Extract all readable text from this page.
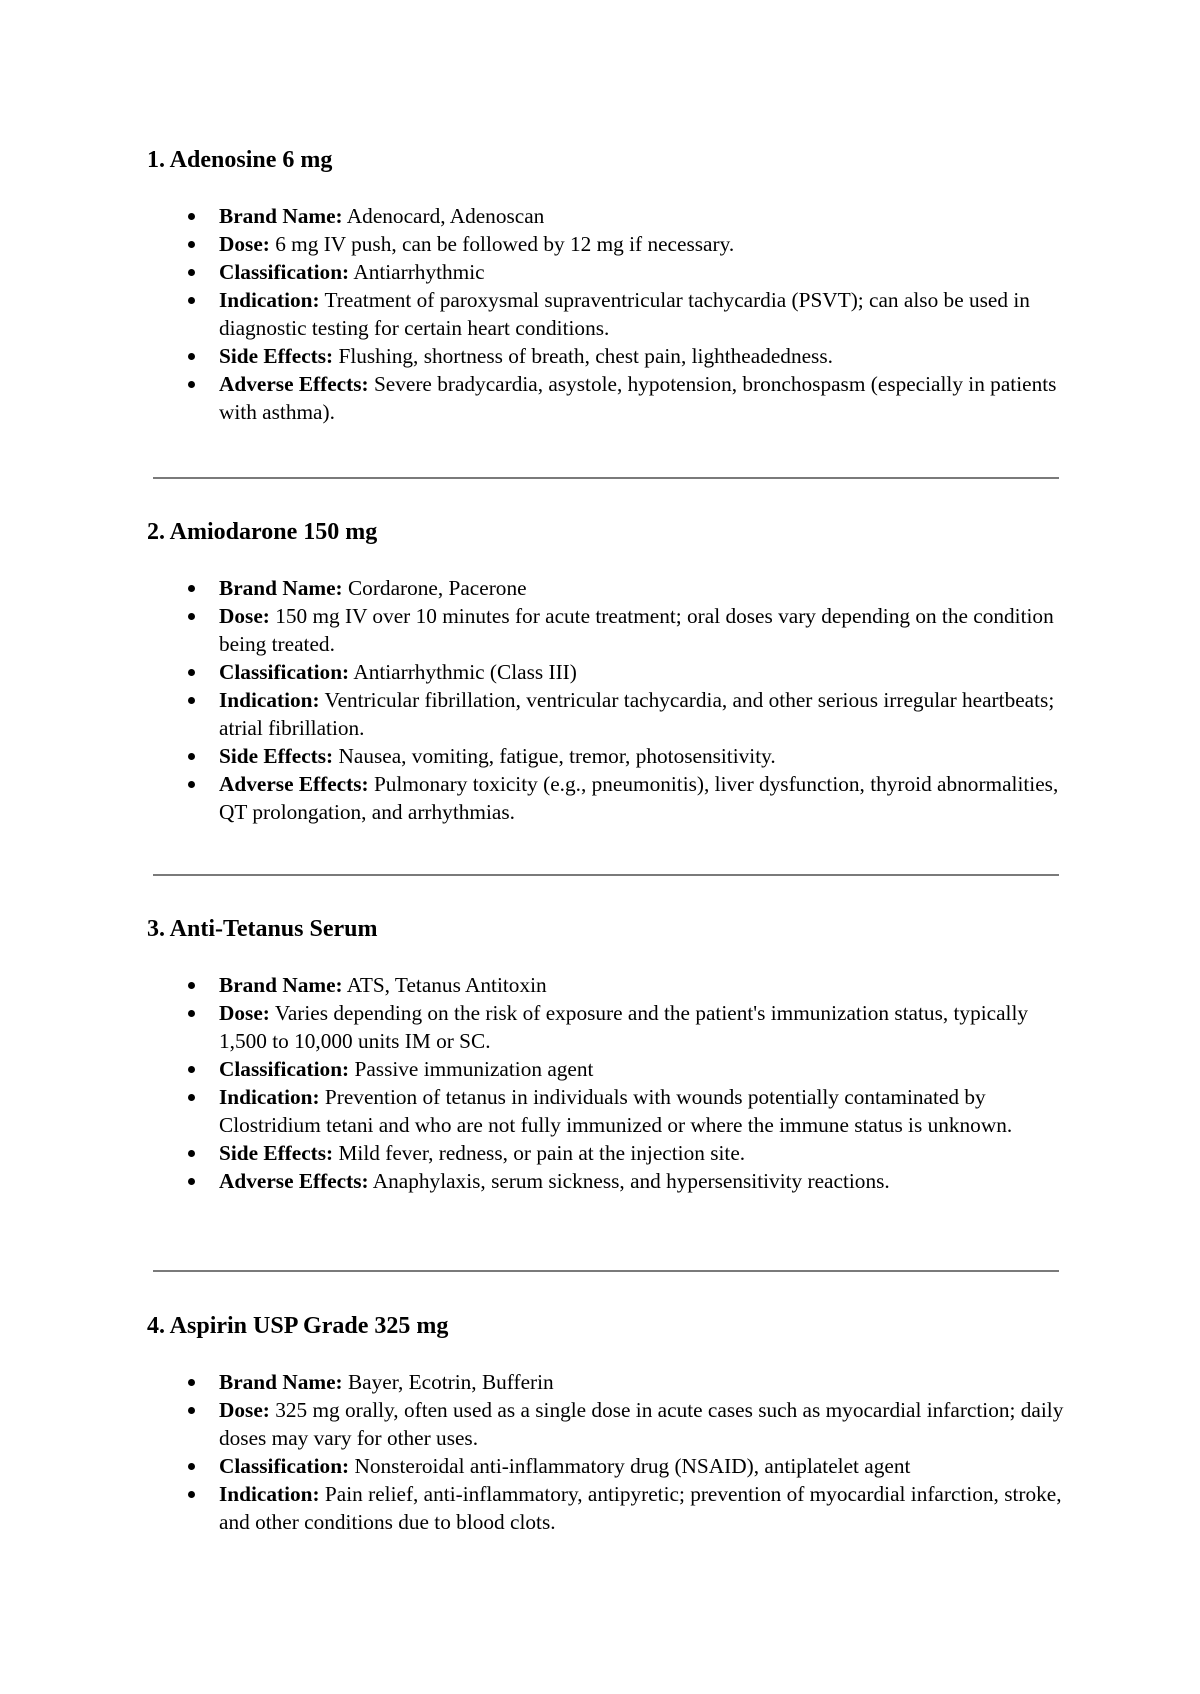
1. Adenosine 6 mg
Brand Name: Adenocard, Adenoscan
Dose: 6 mg IV push, can be followed by 12 mg if necessary.
Classification: Antiarrhythmic
Indication: Treatment of paroxysmal supraventricular tachycardia (PSVT); can also be used in diagnostic testing for certain heart conditions.
Side Effects: Flushing, shortness of breath, chest pain, lightheadedness.
Adverse Effects: Severe bradycardia, asystole, hypotension, bronchospasm (especially in patients with asthma).
2. Amiodarone 150 mg
Brand Name: Cordarone, Pacerone
Dose: 150 mg IV over 10 minutes for acute treatment; oral doses vary depending on the condition being treated.
Classification: Antiarrhythmic (Class III)
Indication: Ventricular fibrillation, ventricular tachycardia, and other serious irregular heartbeats; atrial fibrillation.
Side Effects: Nausea, vomiting, fatigue, tremor, photosensitivity.
Adverse Effects: Pulmonary toxicity (e.g., pneumonitis), liver dysfunction, thyroid abnormalities, QT prolongation, and arrhythmias.
3. Anti-Tetanus Serum
Brand Name: ATS, Tetanus Antitoxin
Dose: Varies depending on the risk of exposure and the patient's immunization status, typically 1,500 to 10,000 units IM or SC.
Classification: Passive immunization agent
Indication: Prevention of tetanus in individuals with wounds potentially contaminated by Clostridium tetani and who are not fully immunized or where the immune status is unknown.
Side Effects: Mild fever, redness, or pain at the injection site.
Adverse Effects: Anaphylaxis, serum sickness, and hypersensitivity reactions.
4. Aspirin USP Grade 325 mg
Brand Name: Bayer, Ecotrin, Bufferin
Dose: 325 mg orally, often used as a single dose in acute cases such as myocardial infarction; daily doses may vary for other uses.
Classification: Nonsteroidal anti-inflammatory drug (NSAID), antiplatelet agent
Indication: Pain relief, anti-inflammatory, antipyretic; prevention of myocardial infarction, stroke, and other conditions due to blood clots.
